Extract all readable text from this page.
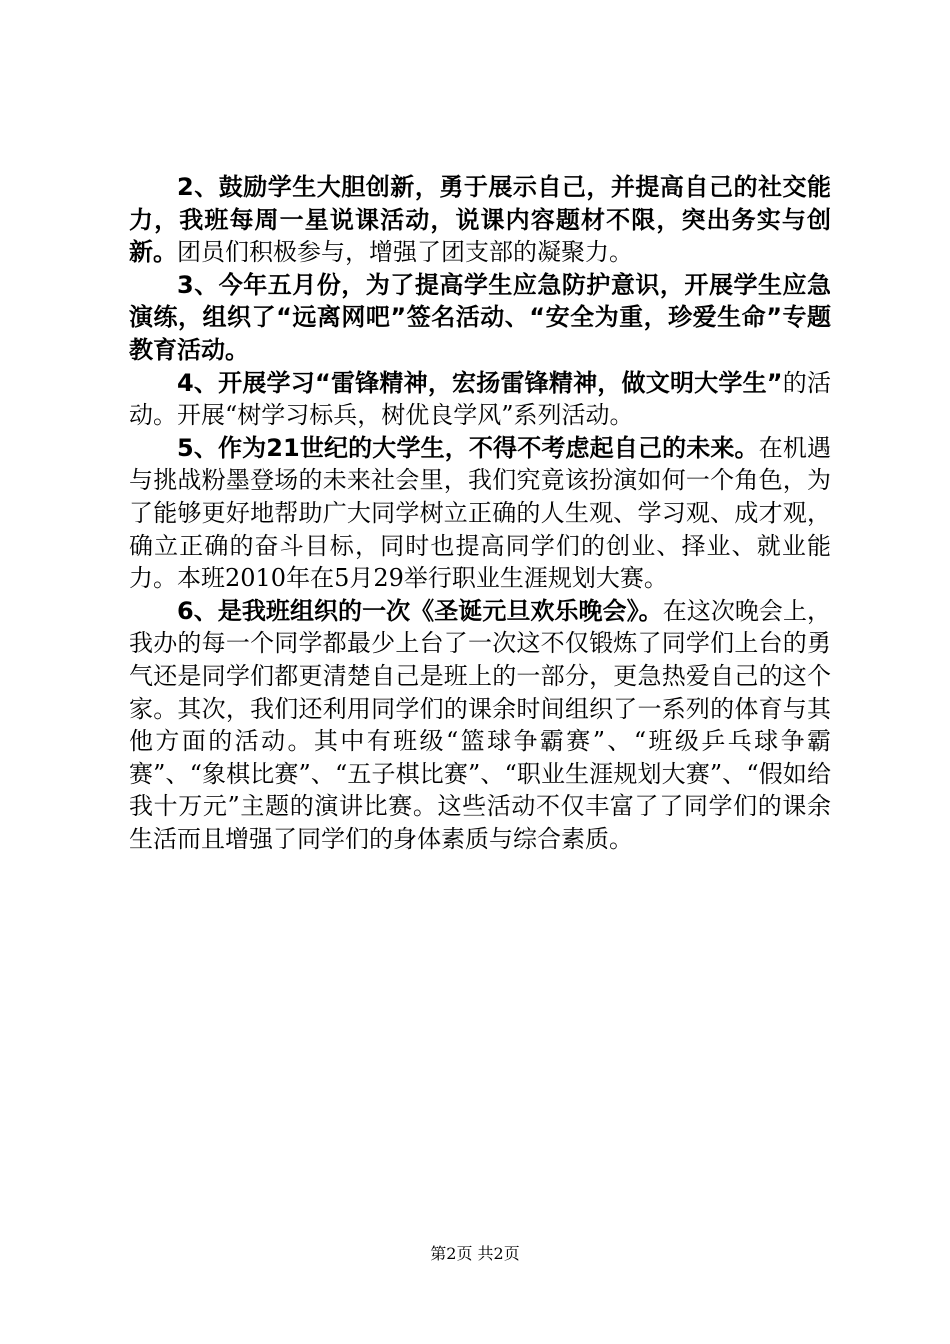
2、鼓励学生大胆创新，勇于展示自己，并提高自己的社交能力，我班每周一星说课活动，说课内容题材不限，突出务实与创新。团员们积极参与，增强了团支部的凝聚力。

3、今年五月份，为了提高学生应急防护意识，开展学生应急演练，组织了“远离网吧”签名活动、“安全为重，珍爱生命”专题教育活动。

4、开展学习“雷锋精神，宏扬雷锋精神，做文明大学生”的活动。开展“树学习标兵，树优良学风”系列活动。

5、作为21世纪的大学生，不得不考虑起自己的未来。在机遇与挑战粉墨登场的未来社会里，我们究竟该扮演如何一个角色，为了能够更好地帮助广大同学树立正确的人生观、学习观、成才观，确立正确的奋斗目标，同时也提高同学们的创业、择业、就业能力。本班2010年在5月29举行职业生涯规划大赛。

6、是我班组织的一次《圣诞元旦欢乐晚会》。在这次晚会上，我办的每一个同学都最少上台了一次这不仅锻炼了同学们上台的勇气还是同学们都更清楚自己是班上的一部分，更急热爱自己的这个家。其次，我们还利用同学们的课余时间组织了一系列的体育与其他方面的活动。其中有班级“篮球争霸赛”、“班级乒乓球争霸赛”、“象棋比赛”、“五子棋比赛”、“职业生涯规划大赛”、“假如给我十万元”主题的演讲比赛。这些活动不仅丰富了了同学们的课余生活而且增强了同学们的身体素质与综合素质。

第2页 共2页
